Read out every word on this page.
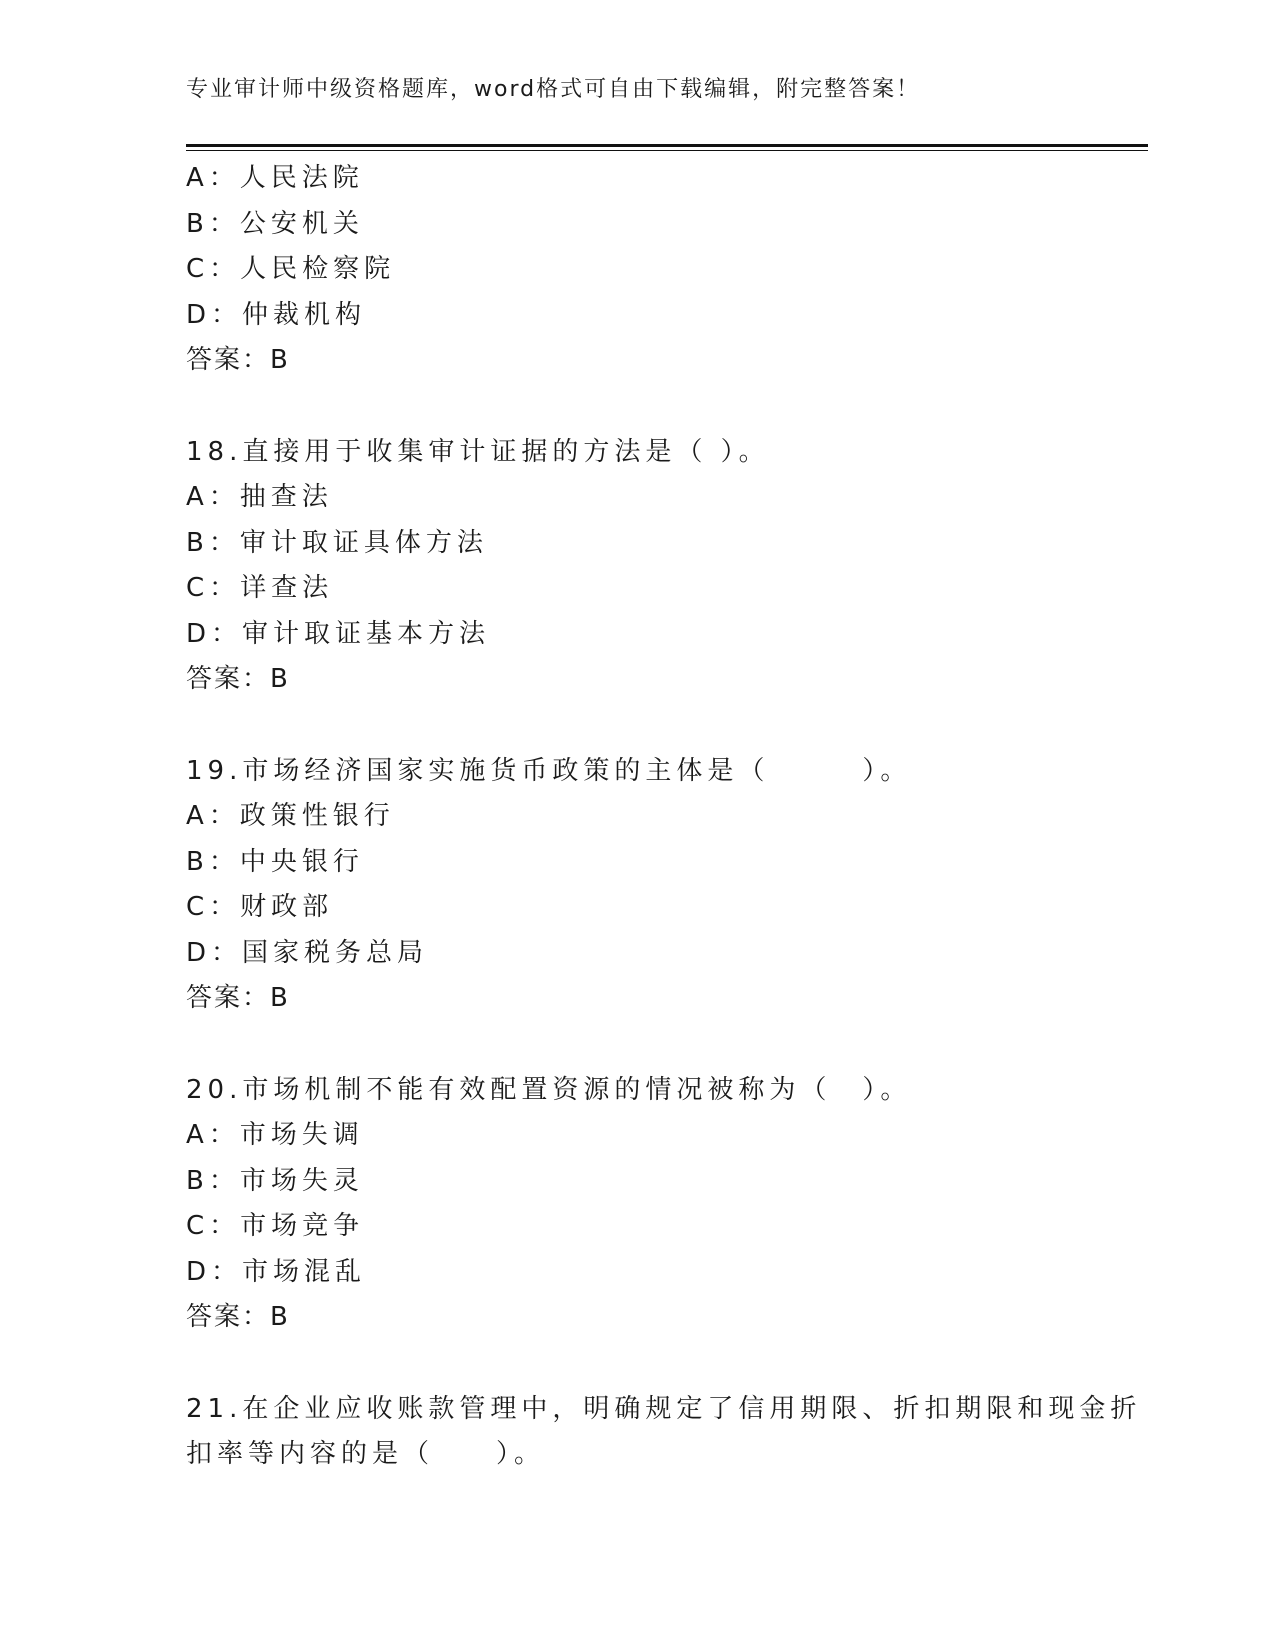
专业审计师中级资格题库，word格式可自由下载编辑，附完整答案！
A：人民法院
B：公安机关
C：人民检察院
D：仲裁机构
答案：B
18.直接用于收集审计证据的方法是（ ）。
A：抽查法
B：审计取证具体方法
C：详查法
D：审计取证基本方法
答案：B
19.市场经济国家实施货币政策的主体是（　　　）。
A：政策性银行
B：中央银行
C：财政部
D：国家税务总局
答案：B
20.市场机制不能有效配置资源的情况被称为（　）。
A：市场失调
B：市场失灵
C：市场竞争
D：市场混乱
答案：B
21.在企业应收账款管理中，明确规定了信用期限、折扣期限和现金折
扣率等内容的是（　　）。
